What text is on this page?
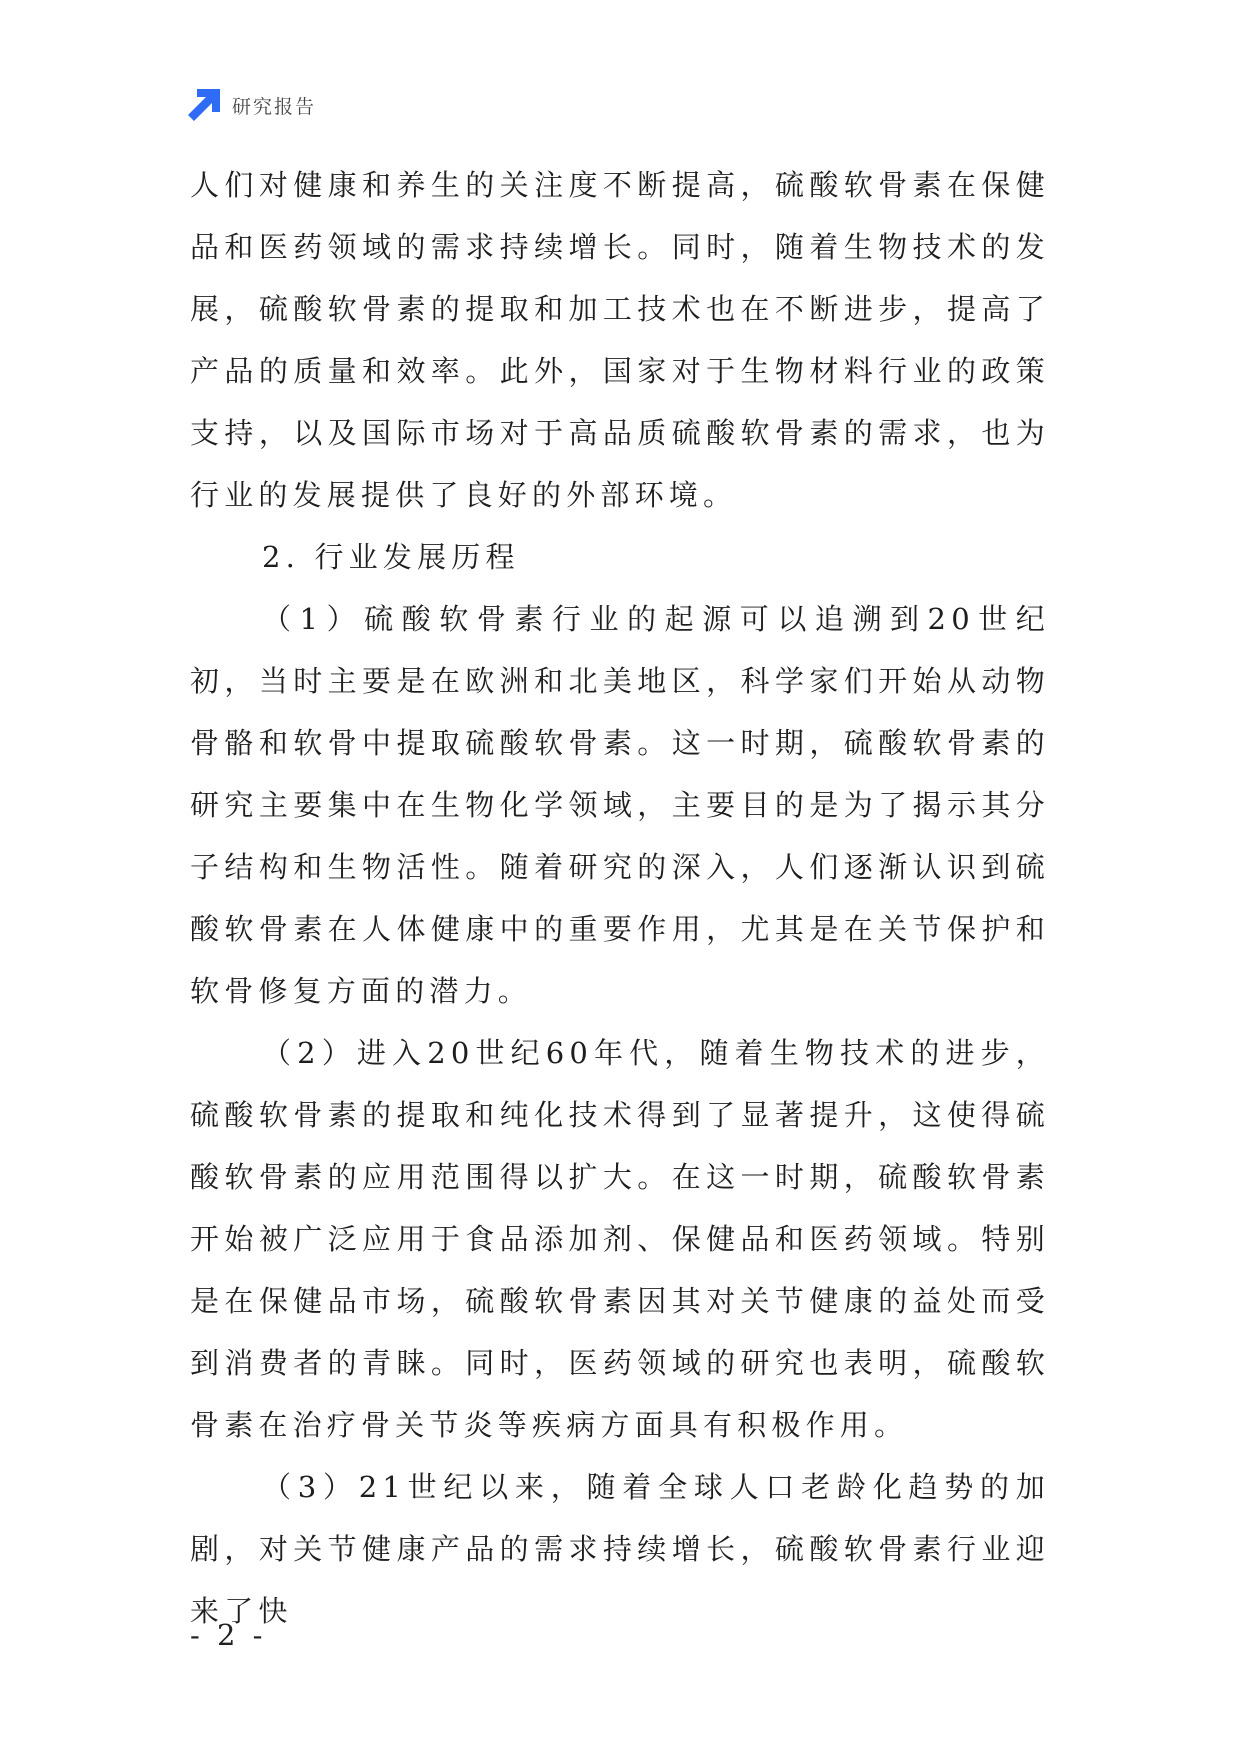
研究报告

人们对健康和养生的关注度不断提高，硫酸软骨素在保健品和医药领域的需求持续增长。同时，随着生物技术的发展，硫酸软骨素的提取和加工技术也在不断进步，提高了产品的质量和效率。此外，国家对于生物材料行业的政策支持，以及国际市场对于高品质硫酸软骨素的需求，也为行业的发展提供了良好的外部环境。

2. 行业发展历程

（1）硫酸软骨素行业的起源可以追溯到20世纪初，当时主要是在欧洲和北美地区，科学家们开始从动物骨骼和软骨中提取硫酸软骨素。这一时期，硫酸软骨素的研究主要集中在生物化学领域，主要目的是为了揭示其分子结构和生物活性。随着研究的深入，人们逐渐认识到硫酸软骨素在人体健康中的重要作用，尤其是在关节保护和软骨修复方面的潜力。

（2）进入20世纪60年代，随着生物技术的进步，硫酸软骨素的提取和纯化技术得到了显著提升，这使得硫酸软骨素的应用范围得以扩大。在这一时期，硫酸软骨素开始被广泛应用于食品添加剂、保健品和医药领域。特别是在保健品市场，硫酸软骨素因其对关节健康的益处而受到消费者的青睐。同时，医药领域的研究也表明，硫酸软骨素在治疗骨关节炎等疾病方面具有积极作用。

（3）21世纪以来，随着全球人口老龄化趋势的加剧，对关节健康产品的需求持续增长，硫酸软骨素行业迎来了快

- 2 -
